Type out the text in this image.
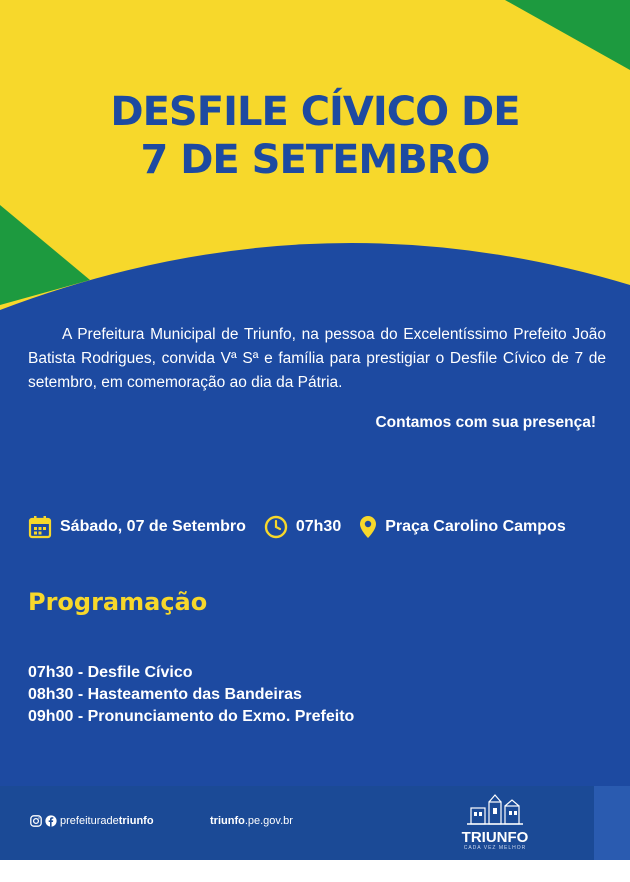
DESFILE CÍVICO DE
7 DE SETEMBRO

A Prefeitura Municipal de Triunfo, na pessoa do Excelentíssimo Prefeito João Batista Rodrigues, convida Vª Sª e família para prestigiar o Desfile Cívico de 7 de setembro, em comemoração ao dia da Pátria.

Contamos com sua presença!
Sábado, 07 de Setembro	07h30	Praça Carolino Campos
Programação
07h30 - Desfile Cívico
08h30 - Hasteamento das Bandeiras
09h00 - Pronunciamento do Exmo. Prefeito
prefeiturade triunfo	triunfo.pe.gov.br
TRIUNFO
CADA VEZ MELHOR
